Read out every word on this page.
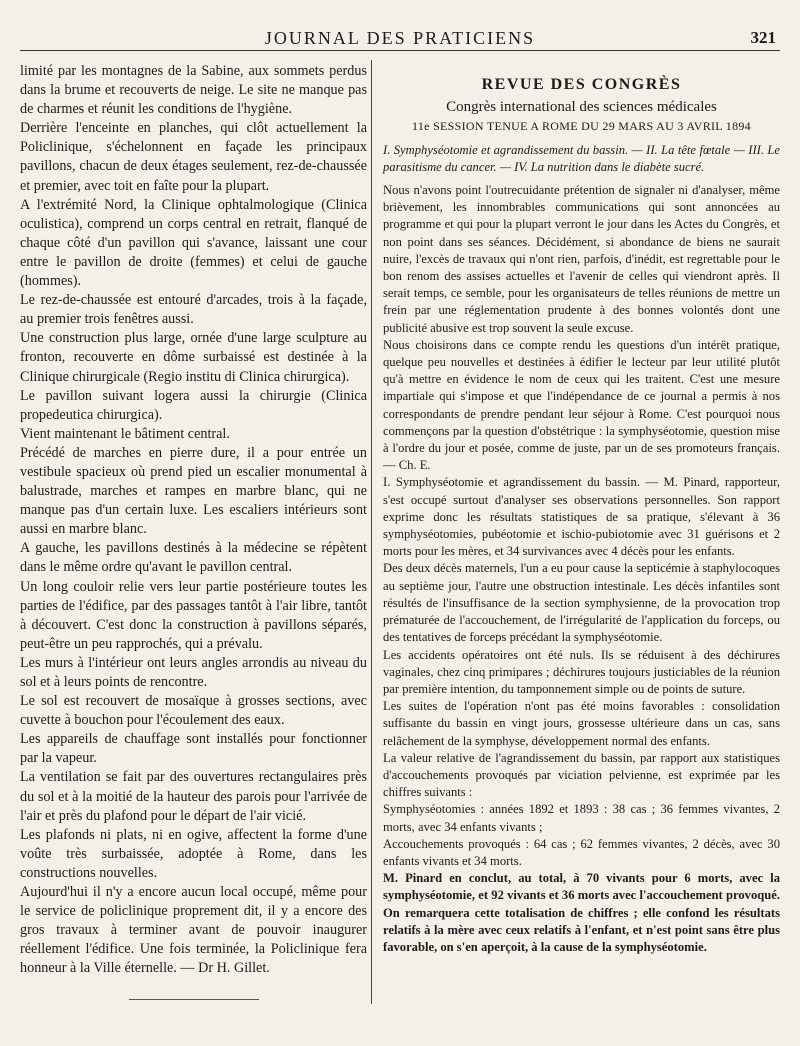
JOURNAL DES PRATICIENS	321

limité par les montagnes de la Sabine, aux sommets perdus dans la brume et recouverts de neige. Le site ne manque pas de charmes et réunit les conditions de l'hygiène.

Derrière l'enceinte en planches, qui clôt actuellement la Policlinique, s'échelonnent en façade les principaux pavillons, chacun de deux étages seulement, rez-de-chaussée et premier, avec toit en faîte pour la plupart.

A l'extrémité Nord, la Clinique ophtalmologique (Clinica oculistica), comprend un corps central en retrait, flanqué de chaque côté d'un pavillon qui s'avance, laissant une cour entre le pavillon de droite (femmes) et celui de gauche (hommes).

Le rez-de-chaussée est entouré d'arcades, trois à la façade, au premier trois fenêtres aussi.

Une construction plus large, ornée d'une large sculpture au fronton, recouverte en dôme surbaissé est destinée à la Clinique chirurgicale (Regio institu di Clinica chirurgica).

Le pavillon suivant logera aussi la chirurgie (Clinica propedeutica chirurgica).

Vient maintenant le bâtiment central.

Précédé de marches en pierre dure, il a pour entrée un vestibule spacieux où prend pied un escalier monumental à balustrade, marches et rampes en marbre blanc, qui ne manque pas d'un certain luxe. Les escaliers intérieurs sont aussi en marbre blanc.

A gauche, les pavillons destinés à la médecine se répètent dans le même ordre qu'avant le pavillon central.

Un long couloir relie vers leur partie postérieure toutes les parties de l'édifice, par des passages tantôt à l'air libre, tantôt à découvert. C'est donc la construction à pavillons séparés, peut-être un peu rapprochés, qui a prévalu.

Les murs à l'intérieur ont leurs angles arrondis au niveau du sol et à leurs points de rencontre.

Le sol est recouvert de mosaïque à grosses sections, avec cuvette à bouchon pour l'écoulement des eaux.

Les appareils de chauffage sont installés pour fonctionner par la vapeur.

La ventilation se fait par des ouvertures rectangulaires près du sol et à la moitié de la hauteur des parois pour l'arrivée de l'air et près du plafond pour le départ de l'air vicié.

Les plafonds ni plats, ni en ogive, affectent la forme d'une voûte très surbaissée, adoptée à Rome, dans les constructions nouvelles.

Aujourd'hui il n'y a encore aucun local occupé, même pour le service de policlinique proprement dit, il y a encore des gros travaux à terminer avant de pouvoir inaugurer réellement l'édifice. Une fois terminée, la Policlinique fera honneur à la Ville éternelle. — Dr H. Gillet.

REVUE DES CONGRÈS

Congrès international des sciences médicales

11e SESSION TENUE A ROME DU 29 MARS AU 3 AVRIL 1894

I. Symphyséotomie et agrandissement du bassin. — II. La tête fœtale — III. Le parasitisme du cancer. — IV. La nutrition dans le diabète sucré.

Nous n'avons point l'outrecuidante prétention de signaler ni d'analyser, même brièvement, les innombrables communications qui sont annoncées au programme et qui pour la plupart verront le jour dans les Actes du Congrès, et non point dans ses séances. Décidément, si abondance de biens ne saurait nuire, l'excès de travaux qui n'ont rien, parfois, d'inédit, est regrettable pour le bon renom des assises actuelles et l'avenir de celles qui viendront après. Il serait temps, ce semble, pour les organisateurs de telles réunions de mettre un frein par une réglementation prudente à des bonnes volontés dont une publicité abusive est trop souvent la seule excuse.

Nous choisirons dans ce compte rendu les questions d'un intérêt pratique, quelque peu nouvelles et destinées à édifier le lecteur par leur utilité plutôt qu'à mettre en évidence le nom de ceux qui les traitent. C'est une mesure impartiale qui s'impose et que l'indépendance de ce journal a permis à nos correspondants de prendre pendant leur séjour à Rome. C'est pourquoi nous commençons par la question d'obstétrique : la symphyséotomie, question mise à l'ordre du jour et posée, comme de juste, par un de ses promoteurs français. — Ch. E.

I. Symphyséotomie et agrandissement du bassin. — M. Pinard, rapporteur, s'est occupé surtout d'analyser ses observations personnelles. Son rapport exprime donc les résultats statistiques de sa pratique, s'élevant à 36 symphyséotomies, pubéotomie et ischio-pubiotomie avec 31 guérisons et 2 morts pour les mères, et 34 survivances avec 4 décès pour les enfants.

Des deux décès maternels, l'un a eu pour cause la septicémie à staphylocoques au septième jour, l'autre une obstruction intestinale. Les décès infantiles sont résultés de l'insuffisance de la section symphysienne, de la provocation trop prématurée de l'accouchement, de l'irrégularité de l'application du forceps, ou des tentatives de forceps précédant la symphyséotomie.

Les accidents opératoires ont été nuls. Ils se réduisent à des déchirures vaginales, chez cinq primipares ; déchirures toujours justiciables de la réunion par première intention, du tamponnement simple ou de points de suture.

Les suites de l'opération n'ont pas été moins favorables : consolidation suffisante du bassin en vingt jours, grossesse ultérieure dans un cas, sans relâchement de la symphyse, développement normal des enfants.

La valeur relative de l'agrandissement du bassin, par rapport aux statistiques d'accouchements provoqués par viciation pelvienne, est exprimée par les chiffres suivants :

Symphyséotomies : années 1892 et 1893 : 38 cas ; 36 femmes vivantes, 2 morts, avec 34 enfants vivants ;

Accouchements provoqués : 64 cas ; 62 femmes vivantes, 2 décès, avec 30 enfants vivants et 34 morts.

M. Pinard en conclut, au total, à 70 vivants pour 6 morts, avec la symphyséotomie, et 92 vivants et 36 morts avec l'accouchement provoqué. On remarquera cette totalisation de chiffres ; elle confond les résultats relatifs à la mère avec ceux relatifs à l'enfant, et n'est point sans être plus favorable, on s'en aperçoit, à la cause de la symphyséotomie.
